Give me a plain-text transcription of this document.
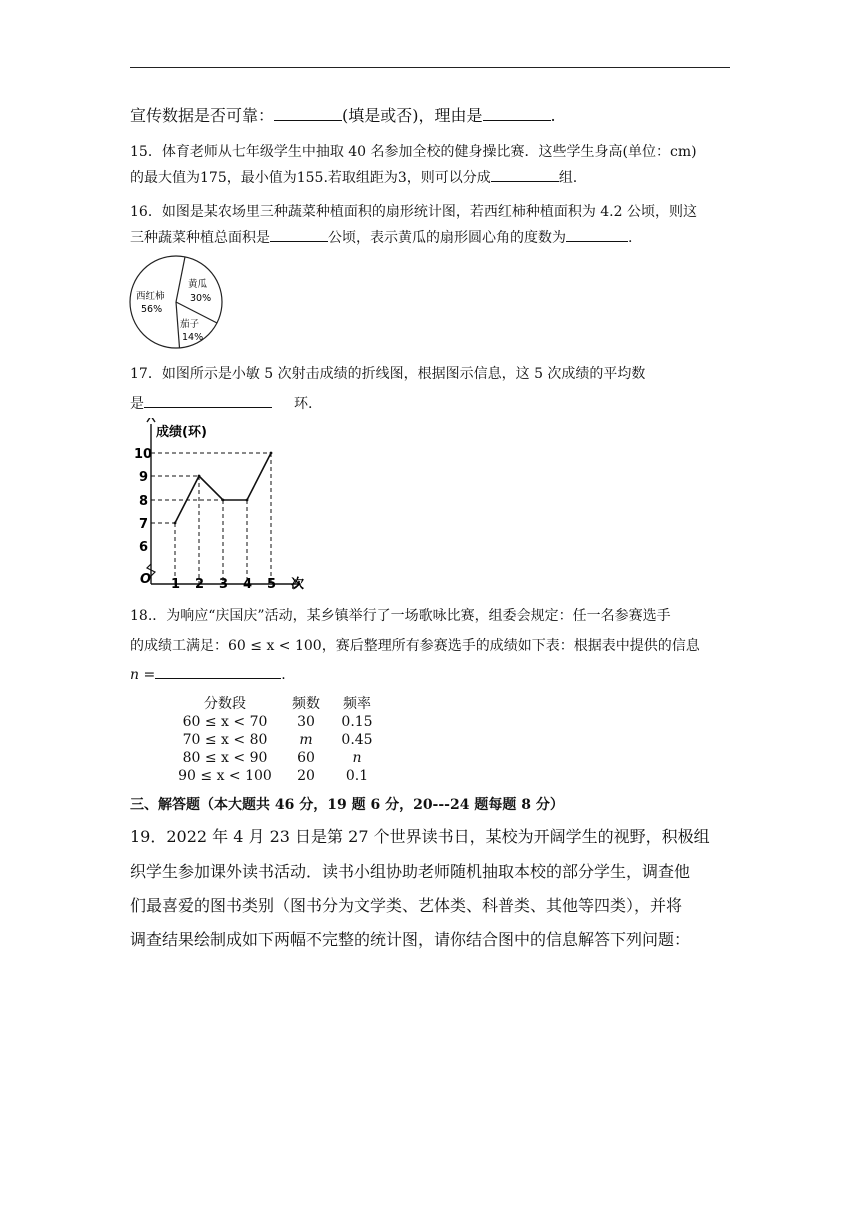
宣传数据是否可靠：	(填是或否)，理由是	.
15．体育老师从七年级学生中抽取 40 名参加全校的健身操比赛．这些学生身高(单位：cm)
的最大值为175，最小值为155.若取组距为3，则可以分成	组.
16．如图是某农场里三种蔬菜种植面积的扇形统计图，若西红柿种植面积为 4.2 公顷，则这
三种蔬菜种植总面积是	公顷，表示黄瓜的扇形圆心角的度数为	.
西红柿
56%
黄瓜
30%
茄子
14%
17．如图所示是小敏 5 次射击成绩的折线图，根据图示信息，这 5 次成绩的平均数
是	环.
成绩(环)
次
O
6
7
8
9
10
1 2 3 4 5
18.．为响应“庆国庆”活动，某乡镇举行了一场歌咏比赛，组委会规定：任一名参赛选手
的成绩工满足：60 ≤ x < 100，赛后整理所有参赛选手的成绩如下表：根据表中提供的信息
n =	.
分数段	频数	频率
60 ≤ x < 70	30	0.15
70 ≤ x < 80	m	0.45
80 ≤ x < 90	60	n
90 ≤ x < 100	20	0.1
三、解答题（本大题共 46 分，19 题 6 分，20---24 题每题 8 分）
19．2022 年 4 月 23 日是第 27 个世界读书日，某校为开阔学生的视野，积极组
织学生参加课外读书活动．读书小组协助老师随机抽取本校的部分学生，调查他
们最喜爱的图书类别（图书分为文学类、艺体类、科普类、其他等四类），并将
调查结果绘制成如下两幅不完整的统计图，请你结合图中的信息解答下列问题：
